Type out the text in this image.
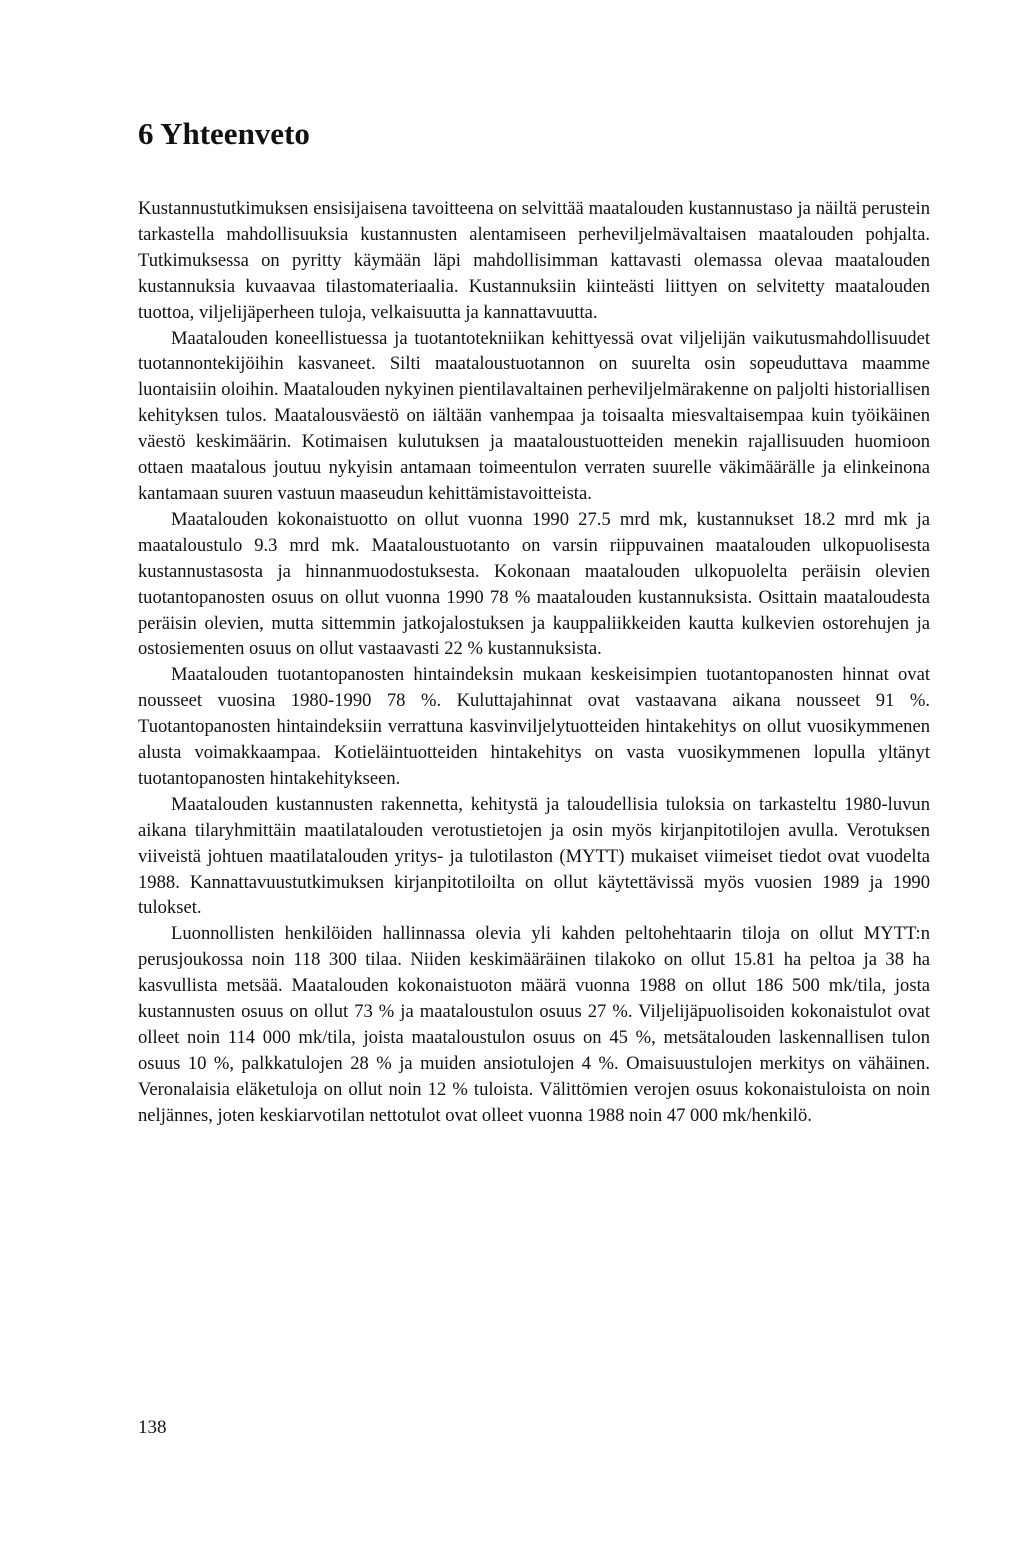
6 Yhteenveto

Kustannustutkimuksen ensisijaisena tavoitteena on selvittää maatalouden kustannustaso ja näiltä perustein tarkastella mahdollisuuksia kustannusten alentamiseen perheviljelmävaltaisen maatalouden pohjalta. Tutkimuksessa on pyritty käymään läpi mahdollisimman kattavasti olemassa olevaa maatalouden kustannuksia kuvaavaa tilastomateriaalia. Kustannuksiin kiinteästi liittyen on selvitetty maatalouden tuottoa, viljelijäperheen tuloja, velkaisuutta ja kannattavuutta.

Maatalouden koneellistuessa ja tuotantotekniikan kehittyessä ovat viljelijän vaikutusmahdollisuudet tuotannontekijöihin kasvaneet. Silti maataloustuotannon on suurelta osin sopeuduttava maamme luontaisiin oloihin. Maatalouden nykyinen pientilavaltainen perheviljelmärakenne on paljolti historiallisen kehityksen tulos. Maatalousväestö on iältään vanhempaa ja toisaalta miesvaltaisempaa kuin työikäinen väestö keskimäärin. Kotimaisen kulutuksen ja maataloustuotteiden menekin rajallisuuden huomioon ottaen maatalous joutuu nykyisin antamaan toimeentulon verraten suurelle väkimäärälle ja elinkeinona kantamaan suuren vastuun maaseudun kehittämistavoitteista.

Maatalouden kokonaistuotto on ollut vuonna 1990 27.5 mrd mk, kustannukset 18.2 mrd mk ja maataloustulo 9.3 mrd mk. Maataloustuotanto on varsin riippuvainen maatalouden ulkopuolisesta kustannustasosta ja hinnanmuodostuksesta. Kokonaan maatalouden ulkopuolelta peräisin olevien tuotantopanosten osuus on ollut vuonna 1990 78 % maatalouden kustannuksista. Osittain maataloudesta peräisin olevien, mutta sittemmin jatkojalostuksen ja kauppaliikkeiden kautta kulkevien ostorehujen ja ostosiementen osuus on ollut vastaavasti 22 % kustannuksista.

Maatalouden tuotantopanosten hintaindeksin mukaan keskeisimpien tuotantopanosten hinnat ovat nousseet vuosina 1980-1990 78 %. Kuluttajahinnat ovat vastaavana aikana nousseet 91 %. Tuotantopanosten hintaindeksiin verrattuna kasvinviljelytuotteiden hintakehitys on ollut vuosikymmenen alusta voimakkaampaa. Kotieläintuotteiden hintakehitys on vasta vuosikymmenen lopulla yltänyt tuotantopanosten hintakehitykseen.

Maatalouden kustannusten rakennetta, kehitystä ja taloudellisia tuloksia on tarkasteltu 1980-luvun aikana tilaryhmittäin maatilatalouden verotustietojen ja osin myös kirjanpitotilojen avulla. Verotuksen viiveistä johtuen maatilatalouden yritys- ja tulotilaston (MYTT) mukaiset viimeiset tiedot ovat vuodelta 1988. Kannattavuustutkimuksen kirjanpitotiloilta on ollut käytettävissä myös vuosien 1989 ja 1990 tulokset.

Luonnollisten henkilöiden hallinnassa olevia yli kahden peltohehtaarin tiloja on ollut MYTT:n perusjoukossa noin 118 300 tilaa. Niiden keskimääräinen tilakoko on ollut 15.81 ha peltoa ja 38 ha kasvullista metsää. Maatalouden kokonaistuoton määrä vuonna 1988 on ollut 186 500 mk/tila, josta kustannusten osuus on ollut 73 % ja maataloustulon osuus 27 %. Viljelijäpuolisoiden kokonaistulot ovat olleet noin 114 000 mk/tila, joista maataloustulon osuus on 45 %, metsätalouden laskennallisen tulon osuus 10 %, palkkatulojen 28 % ja muiden ansiotulojen 4 %. Omaisuustulojen merkitys on vähäinen. Veronalaisia eläketuloja on ollut noin 12 % tuloista. Välittömien verojen osuus kokonaistuloista on noin neljännes, joten keskiarvotilan nettotulot ovat olleet vuonna 1988 noin 47 000 mk/henkilö.

138
